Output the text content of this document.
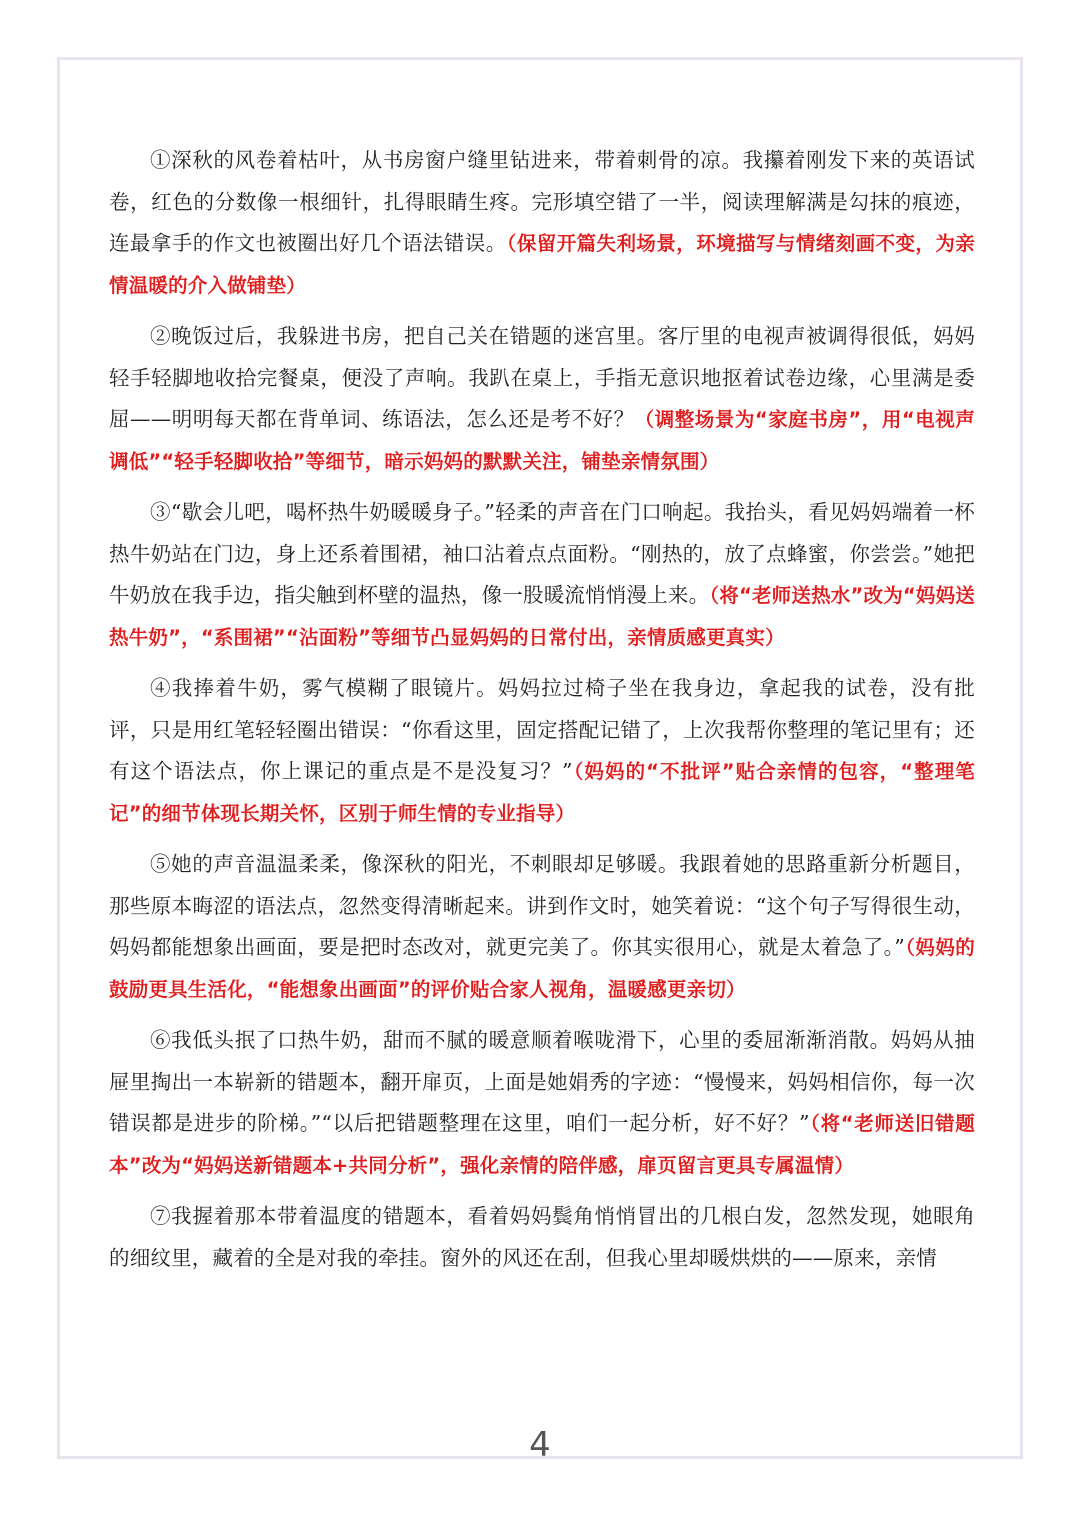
①深秋的风卷着枯叶，从书房窗户缝里钻进来，带着刺骨的凉。我攥着刚发下来的英语试卷，红色的分数像一根细针，扎得眼睛生疼。完形填空错了一半，阅读理解满是勾抹的痕迹，连最拿手的作文也被圈出好几个语法错误。（保留开篇失利场景，环境描写与情绪刻画不变，为亲情温暖的介入做铺垫）

②晚饭过后，我躲进书房，把自己关在错题的迷宫里。客厅里的电视声被调得很低，妈妈轻手轻脚地收拾完餐桌，便没了声响。我趴在桌上，手指无意识地抠着试卷边缘，心里满是委屈——明明每天都在背单词、练语法，怎么还是考不好？（调整场景为“家庭书房”，用“电视声调低”“轻手轻脚收拾”等细节，暗示妈妈的默默关注，铺垫亲情氛围）

③“歇会儿吧，喝杯热牛奶暖暖身子。”轻柔的声音在门口响起。我抬头，看见妈妈端着一杯热牛奶站在门边，身上还系着围裙，袖口沾着点点面粉。“刚热的，放了点蜂蜜，你尝尝。”她把牛奶放在我手边，指尖触到杯壁的温热，像一股暖流悄悄漫上来。（将“老师送热水”改为“妈妈送热牛奶”，“系围裙”“沾面粉”等细节凸显妈妈的日常付出，亲情质感更真实）

④我捧着牛奶，雾气模糊了眼镜片。妈妈拉过椅子坐在我身边，拿起我的试卷，没有批评，只是用红笔轻轻圈出错误：“你看这里，固定搭配记错了，上次我帮你整理的笔记里有；还有这个语法点，你上课记的重点是不是没复习？”（妈妈的“不批评”贴合亲情的包容，“整理笔记”的细节体现长期关怀，区别于师生情的专业指导）

⑤她的声音温温柔柔，像深秋的阳光，不刺眼却足够暖。我跟着她的思路重新分析题目，那些原本晦涩的语法点，忽然变得清晰起来。讲到作文时，她笑着说：“这个句子写得很生动，妈妈都能想象出画面，要是把时态改对，就更完美了。你其实很用心，就是太着急了。”（妈妈的鼓励更具生活化，“能想象出画面”的评价贴合家人视角，温暖感更亲切）

⑥我低头抿了口热牛奶，甜而不腻的暖意顺着喉咙滑下，心里的委屈渐渐消散。妈妈从抽屉里掏出一本崭新的错题本，翻开扉页，上面是她娟秀的字迹：“慢慢来，妈妈相信你，每一次错误都是进步的阶梯。”“以后把错题整理在这里，咱们一起分析，好不好？”（将“老师送旧错题本”改为“妈妈送新错题本+共同分析”，强化亲情的陪伴感，扉页留言更具专属温情）

⑦我握着那本带着温度的错题本，看着妈妈鬓角悄悄冒出的几根白发，忽然发现，她眼角的细纹里，藏着的全是对我的牵挂。窗外的风还在刮，但我心里却暖烘烘的——原来，亲情

4
